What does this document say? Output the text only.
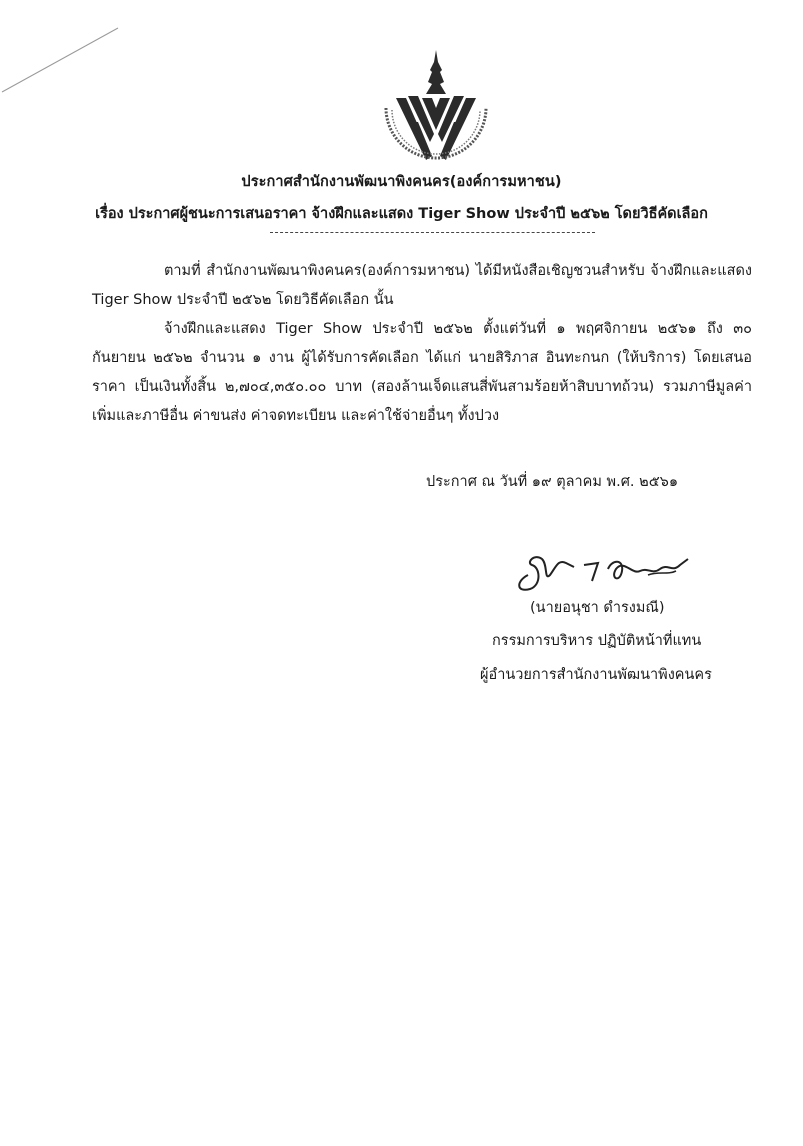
ประกาศสำนักงานพัฒนาพิงคนคร(องค์การมหาชน)
เรื่อง ประกาศผู้ชนะการเสนอราคา จ้างฝึกและแสดง Tiger Show ประจำปี ๒๕๖๒ โดยวิธีคัดเลือก

ตามที่ สำนักงานพัฒนาพิงคนคร(องค์การมหาชน) ได้มีหนังสือเชิญชวนสำหรับ จ้างฝึกและแสดง Tiger Show ประจำปี ๒๕๖๒ โดยวิธีคัดเลือก นั้น

จ้างฝึกและแสดง Tiger Show ประจำปี ๒๕๖๒ ตั้งแต่วันที่ ๑ พฤศจิกายน ๒๕๖๑ ถึง ๓๐ กันยายน ๒๕๖๒ จำนวน ๑ งาน ผู้ได้รับการคัดเลือก ได้แก่ นายสิริภาส อินทะกนก (ให้บริการ) โดยเสนอราคา เป็นเงินทั้งสิ้น ๒,๗๐๔,๓๕๐.๐๐ บาท (สองล้านเจ็ดแสนสี่พันสามร้อยห้าสิบบาทถ้วน) รวมภาษีมูลค่าเพิ่มและภาษีอื่น ค่าขนส่ง ค่าจดทะเบียน และค่าใช้จ่ายอื่นๆ ทั้งปวง

ประกาศ ณ วันที่ ๑๙ ตุลาคม พ.ศ. ๒๕๖๑
(นายอนุชา ดำรงมณี)
กรรมการบริหาร ปฏิบัติหน้าที่แทน
ผู้อำนวยการสำนักงานพัฒนาพิงคนคร
